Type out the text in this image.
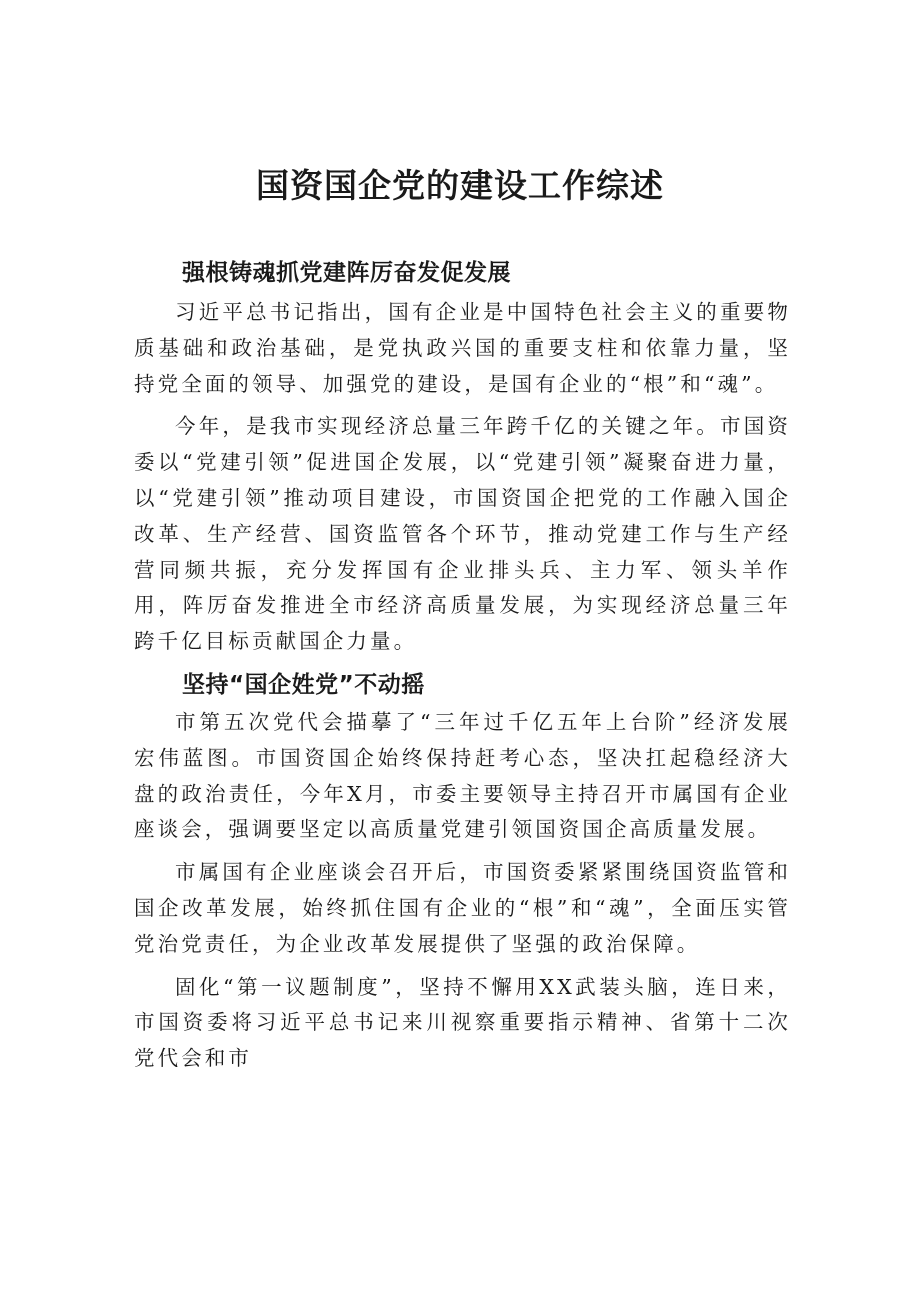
国资国企党的建设工作综述
强根铸魂抓党建阵厉奋发促发展

习近平总书记指出，国有企业是中国特色社会主义的重要物质基础和政治基础，是党执政兴国的重要支柱和依靠力量，坚持党全面的领导、加强党的建设，是国有企业的“根”和“魂”。

今年，是我市实现经济总量三年跨千亿的关键之年。市国资委以“党建引领”促进国企发展，以“党建引领”凝聚奋进力量，以“党建引领”推动项目建设，市国资国企把党的工作融入国企改革、生产经营、国资监管各个环节，推动党建工作与生产经营同频共振，充分发挥国有企业排头兵、主力军、领头羊作用，阵厉奋发推进全市经济高质量发展，为实现经济总量三年跨千亿目标贡献国企力量。

坚持“国企姓党”不动摇

市第五次党代会描摹了“三年过千亿五年上台阶”经济发展宏伟蓝图。市国资国企始终保持赶考心态，坚决扛起稳经济大盘的政治责任，今年X月，市委主要领导主持召开市属国有企业座谈会，强调要坚定以高质量党建引领国资国企高质量发展。

市属国有企业座谈会召开后，市国资委紧紧围绕国资监管和国企改革发展，始终抓住国有企业的“根”和“魂”，全面压实管党治党责任，为企业改革发展提供了坚强的政治保障。

固化“第一议题制度”，坚持不懈用XX武装头脑，连日来，市国资委将习近平总书记来川视察重要指示精神、省第十二次党代会和市
